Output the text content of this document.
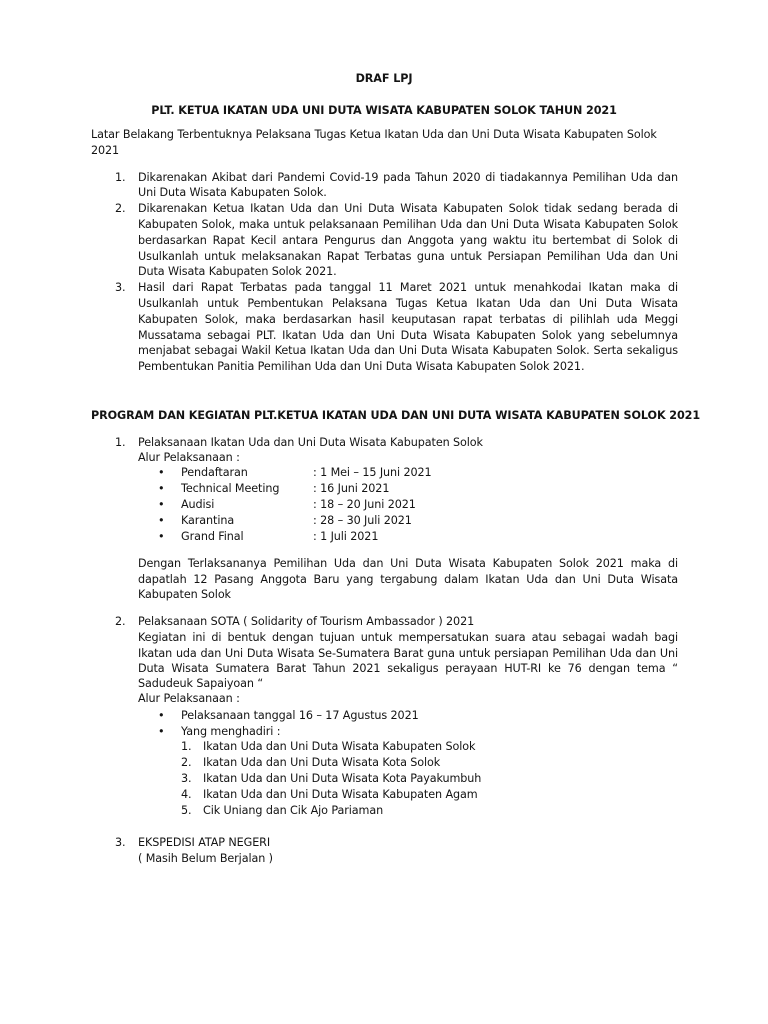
DRAF LPJ
PLT. KETUA IKATAN UDA UNI DUTA WISATA KABUPATEN SOLOK TAHUN 2021
Latar Belakang Terbentuknya Pelaksana Tugas Ketua Ikatan Uda dan Uni Duta Wisata Kabupaten Solok
2021
1. Dikarenakan Akibat dari Pandemi Covid-19 pada Tahun 2020 di tiadakannya Pemilihan Uda dan
Uni Duta Wisata Kabupaten Solok.
2. Dikarenakan Ketua Ikatan Uda dan Uni Duta Wisata Kabupaten Solok tidak sedang berada di
Kabupaten Solok, maka untuk pelaksanaan Pemilihan Uda dan Uni Duta Wisata Kabupaten Solok
berdasarkan Rapat Kecil antara Pengurus dan Anggota yang waktu itu bertembat di Solok di
Usulkanlah untuk melaksanakan Rapat Terbatas guna untuk Persiapan Pemilihan Uda dan Uni
Duta Wisata Kabupaten Solok 2021.
3. Hasil dari Rapat Terbatas pada tanggal 11 Maret 2021 untuk menahkodai Ikatan maka di
Usulkanlah untuk Pembentukan Pelaksana Tugas Ketua Ikatan Uda dan Uni Duta Wisata
Kabupaten Solok, maka berdasarkan hasil keuputasan rapat terbatas di pilihlah uda Meggi
Mussatama sebagai PLT. Ikatan Uda dan Uni Duta Wisata Kabupaten Solok yang sebelumnya
menjabat sebagai Wakil Ketua Ikatan Uda dan Uni Duta Wisata Kabupaten Solok. Serta sekaligus
Pembentukan Panitia Pemilihan Uda dan Uni Duta Wisata Kabupaten Solok 2021.
PROGRAM DAN KEGIATAN PLT.KETUA IKATAN UDA DAN UNI DUTA WISATA KABUPATEN SOLOK 2021
1. Pelaksanaan Ikatan Uda dan Uni Duta Wisata Kabupaten Solok
Alur Pelaksanaan :
• Pendaftaran	: 1 Mei – 15 Juni 2021
• Technical Meeting	: 16 Juni 2021
• Audisi	: 18 – 20 Juni 2021
• Karantina	: 28 – 30 Juli 2021
• Grand Final	: 1 Juli 2021
Dengan Terlaksananya Pemilihan Uda dan Uni Duta Wisata Kabupaten Solok 2021 maka di
dapatlah 12 Pasang Anggota Baru yang tergabung dalam Ikatan Uda dan Uni Duta Wisata
Kabupaten Solok
2. Pelaksanaan SOTA ( Solidarity of Tourism Ambassador ) 2021
Kegiatan ini di bentuk dengan tujuan untuk mempersatukan suara atau sebagai wadah bagi
Ikatan uda dan Uni Duta Wisata Se-Sumatera Barat guna untuk persiapan Pemilihan Uda dan Uni
Duta Wisata Sumatera Barat Tahun 2021 sekaligus perayaan HUT-RI ke 76 dengan tema “
Sadudeuk Sapaiyoan “
Alur Pelaksanaan :
• Pelaksanaan tanggal 16 – 17 Agustus 2021
• Yang menghadiri :
1. Ikatan Uda dan Uni Duta Wisata Kabupaten Solok
2. Ikatan Uda dan Uni Duta Wisata Kota Solok
3. Ikatan Uda dan Uni Duta Wisata Kota Payakumbuh
4. Ikatan Uda dan Uni Duta Wisata Kabupaten Agam
5. Cik Uniang dan Cik Ajo Pariaman
3. EKSPEDISI ATAP NEGERI
( Masih Belum Berjalan )
